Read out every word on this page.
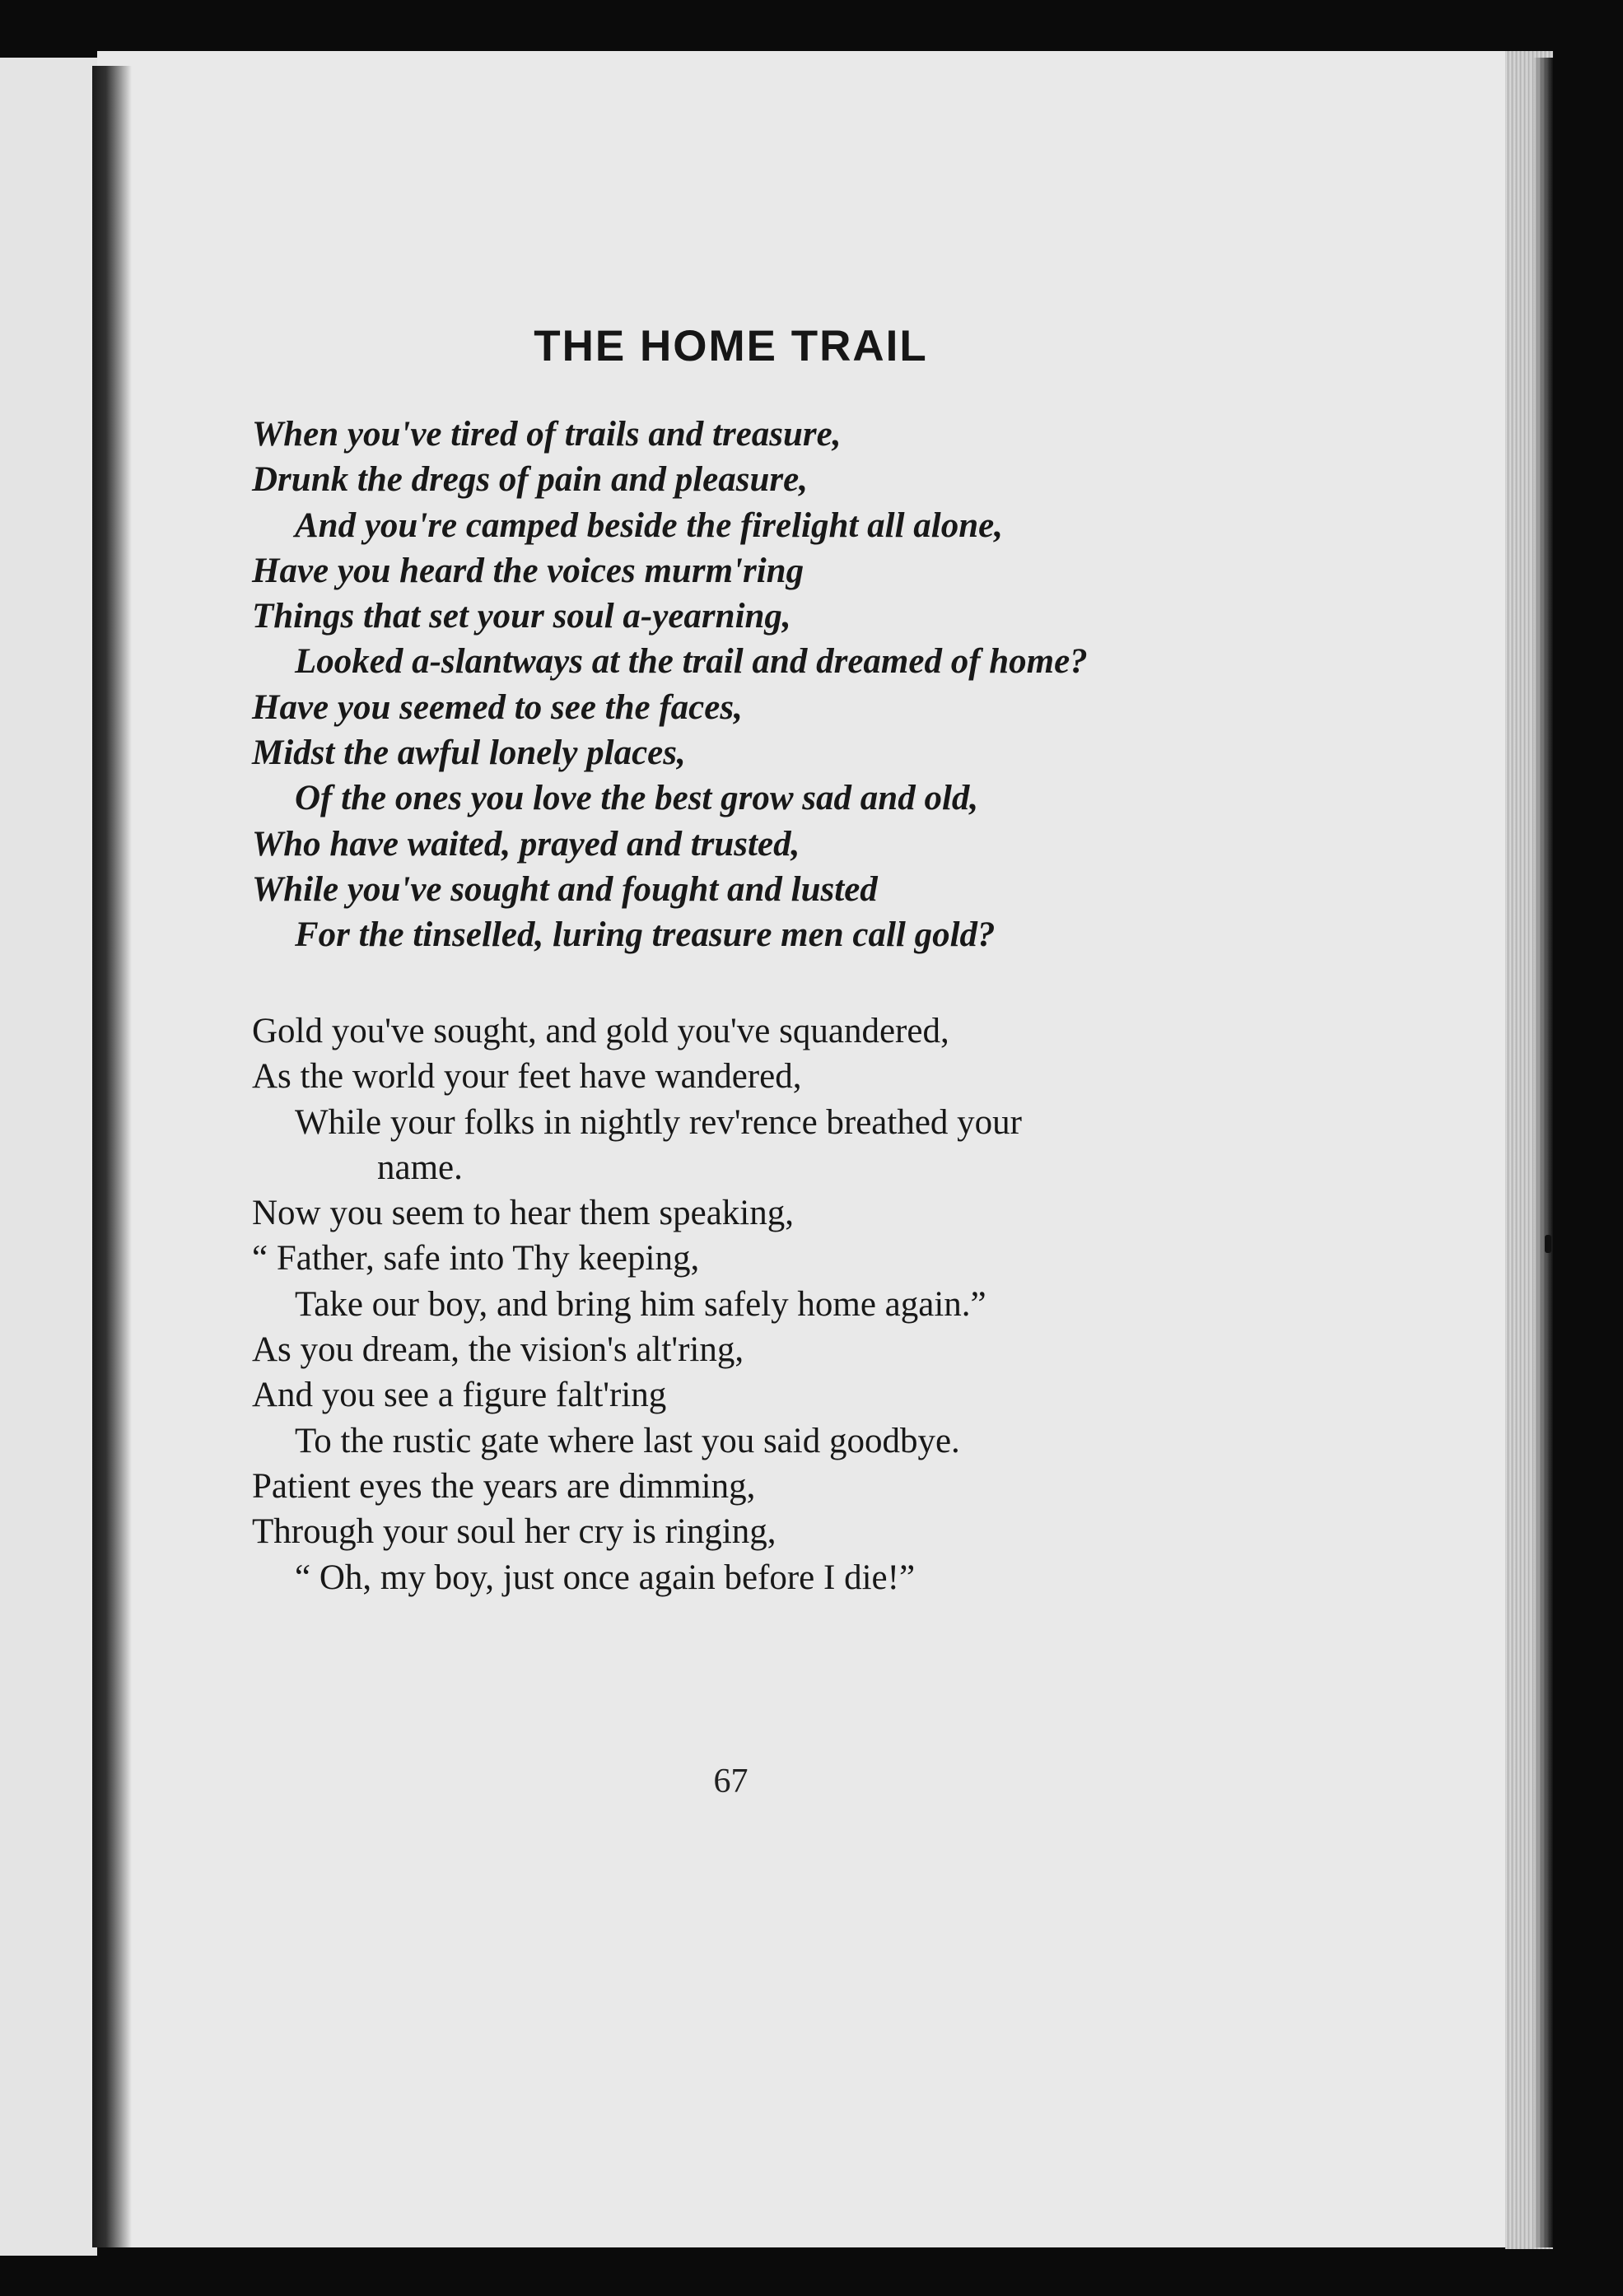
THE HOME TRAIL
When you've tired of trails and treasure,
Drunk the dregs of pain and pleasure,
And you're camped beside the firelight all alone,
Have you heard the voices murm'ring
Things that set your soul a-yearning,
Looked a-slantways at the trail and dreamed of home?
Have you seemed to see the faces,
Midst the awful lonely places,
Of the ones you love the best grow sad and old,
Who have waited, prayed and trusted,
While you've sought and fought and lusted
For the tinselled, luring treasure men call gold?
Gold you've sought, and gold you've squandered,
As the world your feet have wandered,
While your folks in nightly rev'rence breathed your
name.
Now you seem to hear them speaking,
“ Father, safe into Thy keeping,
Take our boy, and bring him safely home again.”
As you dream, the vision's alt'ring,
And you see a figure falt'ring
To the rustic gate where last you said goodbye.
Patient eyes the years are dimming,
Through your soul her cry is ringing,
“ Oh, my boy, just once again before I die!”
67
